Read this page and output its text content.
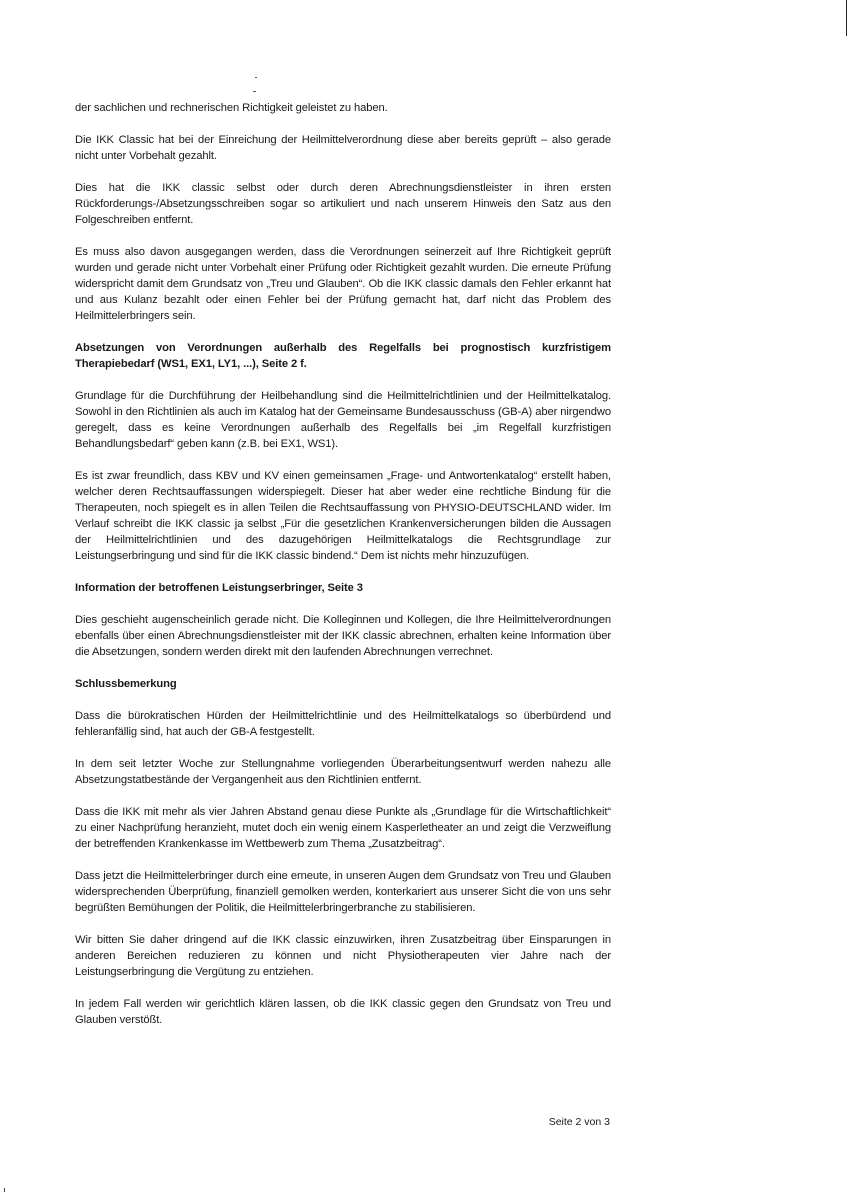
der sachlichen und rechnerischen Richtigkeit geleistet zu haben.

Die IKK Classic hat bei der Einreichung der Heilmittelverordnung diese aber bereits geprüft – also gerade nicht unter Vorbehalt gezahlt.

Dies hat die IKK classic selbst oder durch deren Abrechnungsdienstleister in ihren ersten Rückforderungs-/Absetzungsschreiben sogar so artikuliert und nach unserem Hinweis den Satz aus den Folgeschreiben entfernt.

Es muss also davon ausgegangen werden, dass die Verordnungen seinerzeit auf Ihre Richtigkeit geprüft wurden und gerade nicht unter Vorbehalt einer Prüfung oder Richtigkeit gezahlt wurden. Die erneute Prüfung widerspricht damit dem Grundsatz von „Treu und Glauben“. Ob die IKK classic damals den Fehler erkannt hat und aus Kulanz bezahlt oder einen Fehler bei der Prüfung gemacht hat, darf nicht das Problem des Heilmittelerbringers sein.

Absetzungen von Verordnungen außerhalb des Regelfalls bei prognostisch kurzfristigem Therapiebedarf (WS1, EX1, LY1, ...), Seite 2 f.

Grundlage für die Durchführung der Heilbehandlung sind die Heilmittelrichtlinien und der Heilmittelkatalog. Sowohl in den Richtlinien als auch im Katalog hat der Gemeinsame Bundesausschuss (GB-A) aber nirgendwo geregelt, dass es keine Verordnungen außerhalb des Regelfalls bei „im Regelfall kurzfristigen Behandlungsbedarf“ geben kann (z.B. bei EX1, WS1).

Es ist zwar freundlich, dass KBV und KV einen gemeinsamen „Frage- und Antwortenkatalog“ erstellt haben, welcher deren Rechtsauffassungen widerspiegelt. Dieser hat aber weder eine rechtliche Bindung für die Therapeuten, noch spiegelt es in allen Teilen die Rechtsauffassung von PHYSIO-DEUTSCHLAND wider. Im Verlauf schreibt die IKK classic ja selbst „Für die gesetzlichen Krankenversicherungen bilden die Aussagen der Heilmittelrichtlinien und des dazugehörigen Heilmittelkatalogs die Rechtsgrundlage zur Leistungserbringung und sind für die IKK classic bindend.“ Dem ist nichts mehr hinzuzufügen.

Information der betroffenen Leistungserbringer, Seite 3

Dies geschieht augenscheinlich gerade nicht. Die Kolleginnen und Kollegen, die Ihre Heilmittelverordnungen ebenfalls über einen Abrechnungsdienstleister mit der IKK classic abrechnen, erhalten keine Information über die Absetzungen, sondern werden direkt mit den laufenden Abrechnungen verrechnet.

Schlussbemerkung

Dass die bürokratischen Hürden der Heilmittelrichtlinie und des Heilmittelkatalogs so überbürdend und fehleranfällig sind, hat auch der GB-A festgestellt.

In dem seit letzter Woche zur Stellungnahme vorliegenden Überarbeitungsentwurf werden nahezu alle Absetzungstatbestände der Vergangenheit aus den Richtlinien entfernt.

Dass die IKK mit mehr als vier Jahren Abstand genau diese Punkte als „Grundlage für die Wirtschaftlichkeit“ zu einer Nachprüfung heranzieht, mutet doch ein wenig einem Kasperletheater an und zeigt die Verzweiflung der betreffenden Krankenkasse im Wettbewerb zum Thema „Zusatzbeitrag“.

Dass jetzt die Heilmittelerbringer durch eine erneute, in unseren Augen dem Grundsatz von Treu und Glauben widersprechenden Überprüfung, finanziell gemolken werden, konterkariert aus unserer Sicht die von uns sehr begrüßten Bemühungen der Politik, die Heilmittelerbringerbranche zu stabilisieren.

Wir bitten Sie daher dringend auf die IKK classic einzuwirken, ihren Zusatzbeitrag über Einsparungen in anderen Bereichen reduzieren zu können und nicht Physiotherapeuten vier Jahre nach der Leistungserbringung die Vergütung zu entziehen.

In jedem Fall werden wir gerichtlich klären lassen, ob die IKK classic gegen den Grundsatz von Treu und Glauben verstößt.

Seite 2 von 3
